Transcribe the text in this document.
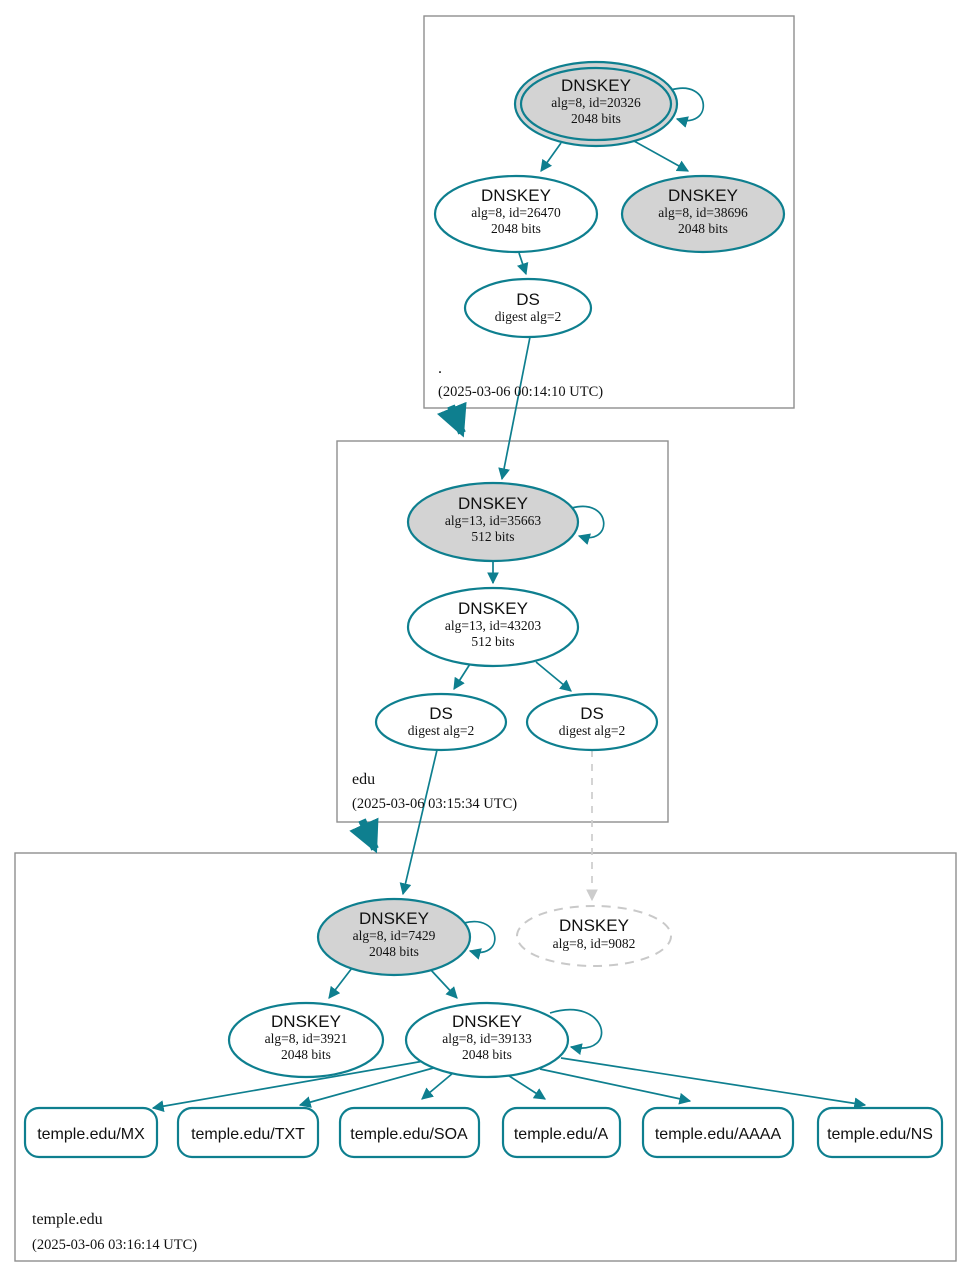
DNSKEY
alg=8, id=20326
2048 bits
DNSKEY
alg=8, id=26470
2048 bits
DNSKEY
alg=8, id=38696
2048 bits
DS
digest alg=2
.
(2025-03-06 00:14:10 UTC)
DNSKEY
alg=13, id=35663
512 bits
DNSKEY
alg=13, id=43203
512 bits
DS
digest alg=2
DS
digest alg=2
edu
(2025-03-06 03:15:34 UTC)
DNSKEY
alg=8, id=7429
2048 bits
DNSKEY
alg=8, id=9082
DNSKEY
alg=8, id=3921
2048 bits
DNSKEY
alg=8, id=39133
2048 bits
temple.edu/MX	temple.edu/TXT	temple.edu/SOA	temple.edu/A	temple.edu/AAAA	temple.edu/NS
temple.edu
(2025-03-06 03:16:14 UTC)
